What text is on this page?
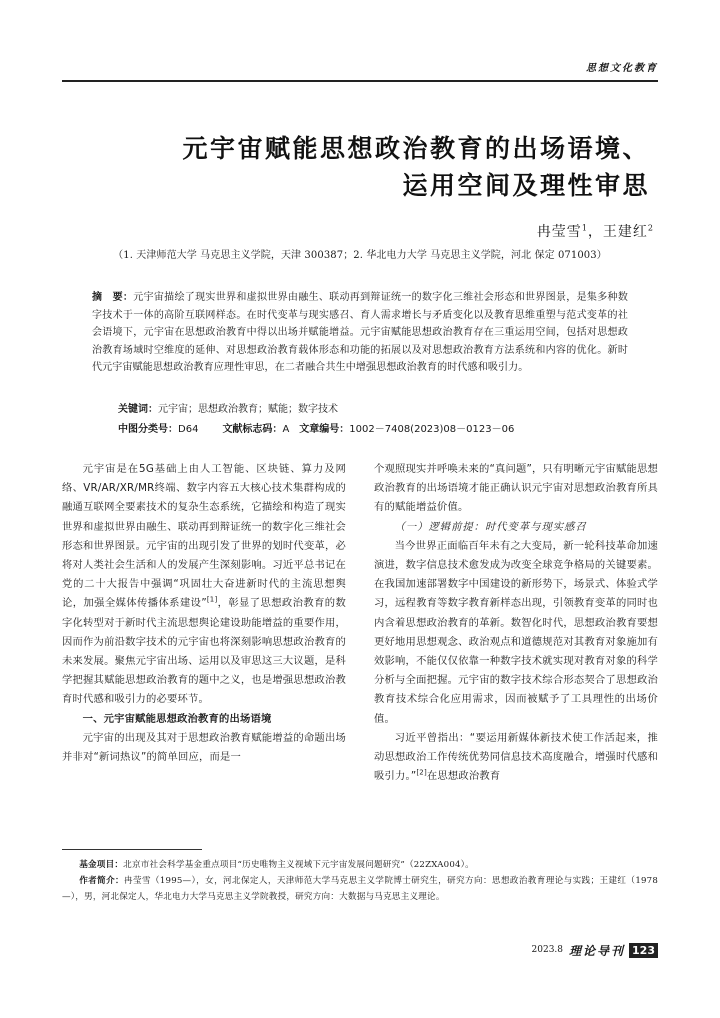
思想文化教育
元宇宙赋能思想政治教育的出场语境、
运用空间及理性审思
冉莹雪$^1$，王建红$^2$
（1. 天津师范大学 马克思主义学院，天津 300387；2. 华北电力大学 马克思主义学院，河北 保定 071003）
摘　要：元宇宙描绘了现实世界和虚拟世界由融生、联动再到辩证统一的数字化三维社会形态和世界图景，是集多种数字技术于一体的高阶互联网样态。在时代变革与现实感召、育人需求增长与矛盾变化以及教育思维重塑与范式变革的社会语境下，元宇宙在思想政治教育中得以出场并赋能增益。元宇宙赋能思想政治教育存在三重运用空间，包括对思想政治教育场域时空维度的延伸、对思想政治教育载体形态和功能的拓展以及对思想政治教育方法系统和内容的优化。新时代元宇宙赋能思想政治教育应理性审思，在二者融合共生中增强思想政治教育的时代感和吸引力。
关键词：元宇宙；思想政治教育；赋能；数字技术
中图分类号：D64 文献标志码：A 文章编号：1002－7408(2023)08－0123－06

元宇宙是在5G基础上由人工智能、区块链、算力及网络、VR/AR/XR/MR终端、数字内容五大核心技术集群构成的融通互联网全要素技术的复杂生态系统，它描绘和构造了现实世界和虚拟世界由融生、联动再到辩证统一的数字化三维社会形态和世界图景。元宇宙的出现引发了世界的划时代变革，必将对人类社会生活和人的发展产生深刻影响。习近平总书记在党的二十大报告中强调“巩固壮大奋进新时代的主流思想舆论，加强全媒体传播体系建设”[1]，彰显了思想政治教育的数字化转型对于新时代主流思想舆论建设助能增益的重要作用，因而作为前沿数字技术的元宇宙也将深刻影响思想政治教育的未来发展。聚焦元宇宙出场、运用以及审思这三大议题，是科学把握其赋能思想政治教育的题中之义，也是增强思想政治教育时代感和吸引力的必要环节。

一、元宇宙赋能思想政治教育的出场语境

元宇宙的出现及其对于思想政治教育赋能增益的命题出场并非对“新词热议”的简单回应，而是一

个观照现实并呼唤未来的“真问题”，只有明晰元宇宙赋能思想政治教育的出场语境才能正确认识元宇宙对思想政治教育所具有的赋能增益价值。

（一）逻辑前提：时代变革与现实感召

当今世界正面临百年未有之大变局，新一轮科技革命加速演进，数字信息技术愈发成为改变全球竞争格局的关键要素。在我国加速部署数字中国建设的新形势下，场景式、体验式学习，远程教育等数字教育新样态出现，引领教育变革的同时也内含着思想政治教育的革新。数智化时代，思想政治教育要想更好地用思想观念、政治观点和道德规范对其教育对象施加有效影响，不能仅仅依靠一种数字技术就实现对教育对象的科学分析与全面把握。元宇宙的数字技术综合形态契合了思想政治教育技术综合化应用需求，因而被赋予了工具理性的出场价值。

习近平曾指出：“要运用新媒体新技术使工作活起来，推动思想政治工作传统优势同信息技术高度融合，增强时代感和吸引力。”[2]在思想政治教育

基金项目：北京市社会科学基金重点项目“历史唯物主义视域下元宇宙发展问题研究”（22ZXA004）。

作者简介：冉莹雪（1995—），女，河北保定人，天津师范大学马克思主义学院博士研究生，研究方向：思想政治教育理论与实践；王建红（1978—），男，河北保定人，华北电力大学马克思主义学院教授，研究方向：大数据与马克思主义理论。

2023.8 理论导刊 123
